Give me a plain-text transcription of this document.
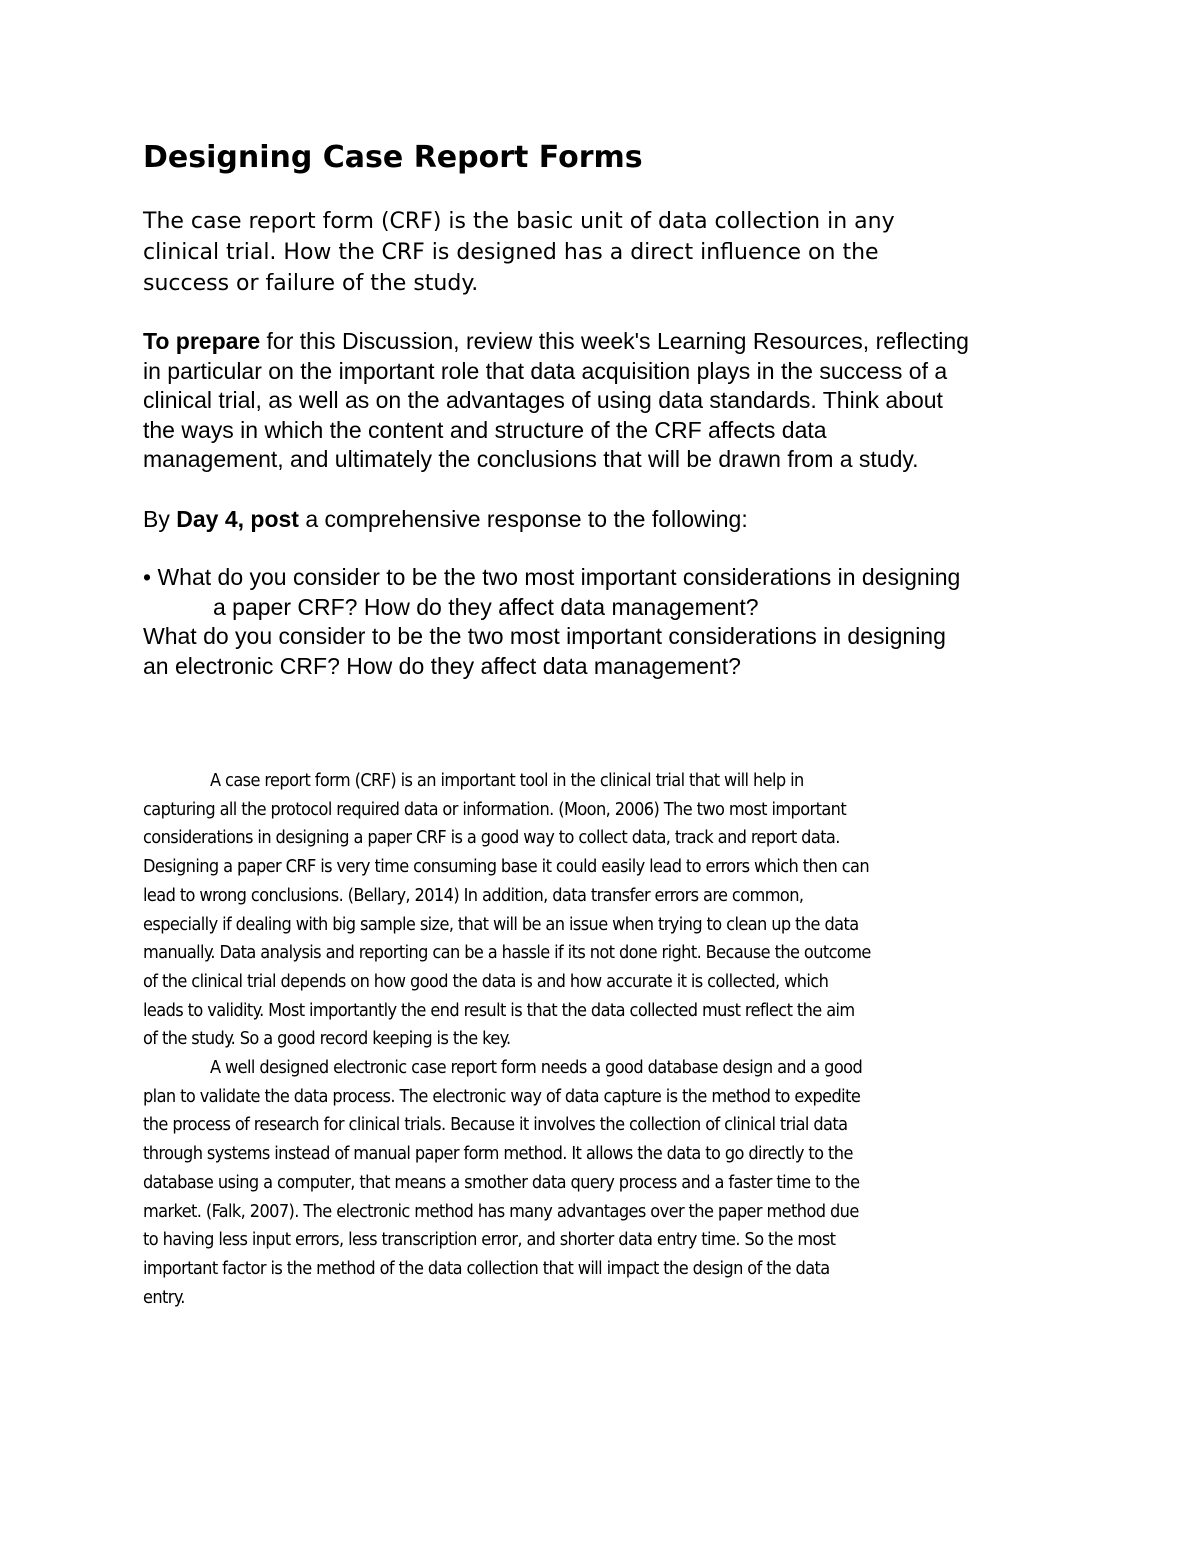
Designing Case Report Forms

The case report form (CRF) is the basic unit of data collection in any
clinical trial. How the CRF is designed has a direct influence on the
success or failure of the study.

To prepare for this Discussion, review this week's Learning Resources, reflecting
in particular on the important role that data acquisition plays in the success of a
clinical trial, as well as on the advantages of using data standards. Think about
the ways in which the content and structure of the CRF affects data
management, and ultimately the conclusions that will be drawn from a study.

By Day 4, post a comprehensive response to the following:

• What do you consider to be the two most important considerations in designing
a paper CRF? How do they affect data management?
What do you consider to be the two most important considerations in designing
an electronic CRF? How do they affect data management?
A case report form (CRF) is an important tool in the clinical trial that will help in
capturing all the protocol required data or information. (Moon, 2006) The two most important
considerations in designing a paper CRF is a good way to collect data, track and report data.
Designing a paper CRF is very time consuming base it could easily lead to errors which then can
lead to wrong conclusions. (Bellary, 2014) In addition, data transfer errors are common,
especially if dealing with big sample size, that will be an issue when trying to clean up the data
manually. Data analysis and reporting can be a hassle if its not done right. Because the outcome
of the clinical trial depends on how good the data is and how accurate it is collected, which
leads to validity. Most importantly the end result is that the data collected must reflect the aim
of the study. So a good record keeping is the key.
A well designed electronic case report form needs a good database design and a good
plan to validate the data process. The electronic way of data capture is the method to expedite
the process of research for clinical trials. Because it involves the collection of clinical trial data
through systems instead of manual paper form method. It allows the data to go directly to the
database using a computer, that means a smother data query process and a faster time to the
market. (Falk, 2007). The electronic method has many advantages over the paper method due
to having less input errors, less transcription error, and shorter data entry time. So the most
important factor is the method of the data collection that will impact the design of the data
entry.
